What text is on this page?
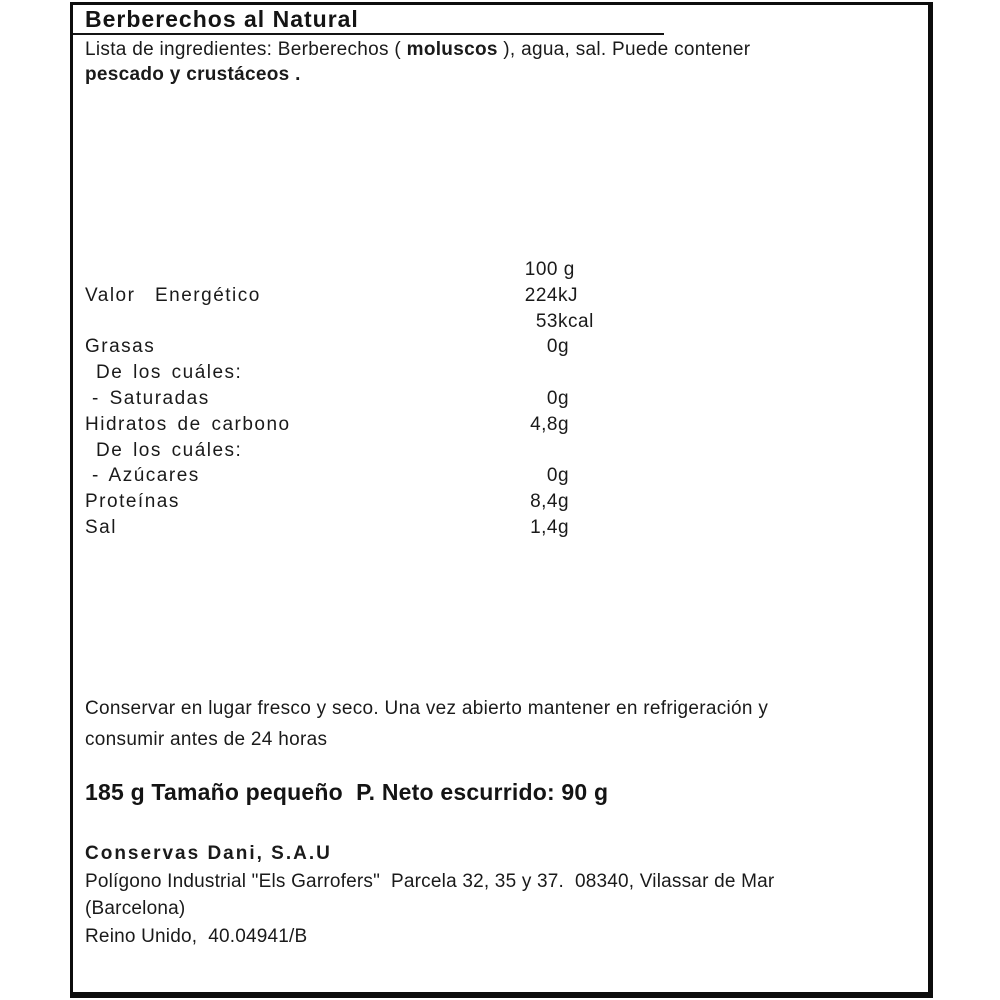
Berberechos al Natural
Lista de ingredientes: Berberechos ( moluscos ), agua, sal. Puede contener
pescado y crustáceos .
100 g
Valor  Energético	224 kJ
53 kcal
Grasas	0 g
De los cuáles:
- Saturadas	0 g
Hidratos de carbono	4,8 g
De los cuáles:
- Azúcares	0 g
Proteínas	8,4 g
Sal	1,4 g
Conservar en lugar fresco y seco. Una vez abierto mantener en refrigeración y
consumir antes de 24 horas
185 g Tamaño pequeño  P. Neto escurrido: 90 g
Conservas Dani, S.A.U
Polígono Industrial "Els Garrofers"  Parcela 32, 35 y 37.  08340, Vilassar de Mar
(Barcelona)
Reino Unido,  40.04941/B
